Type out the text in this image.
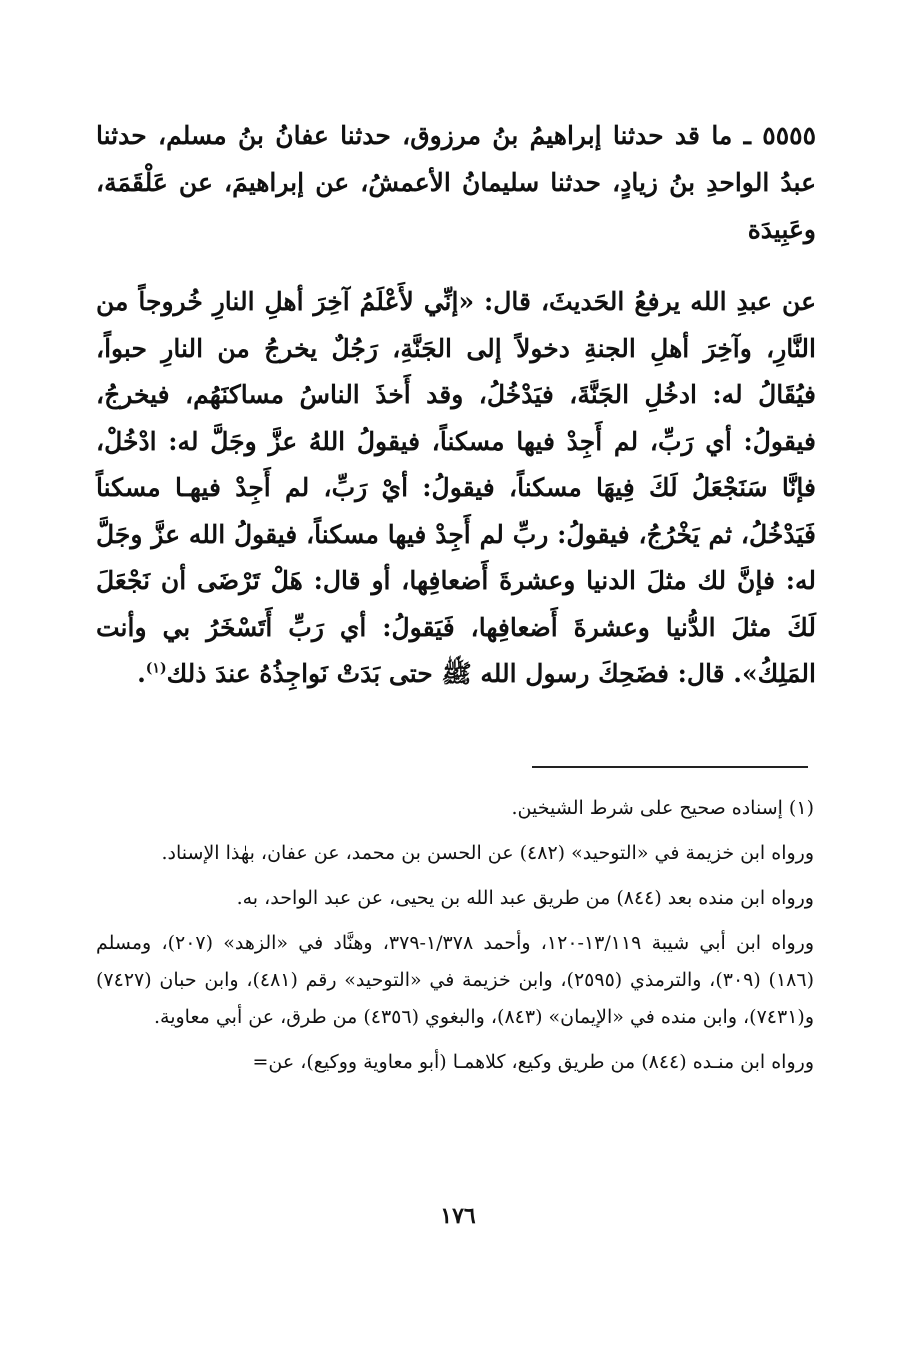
٥٥٥٥ ـ ما قد حدثنا إبراهيمُ بنُ مرزوق، حدثنا عفانُ بنُ مسلم، حدثنا عبدُ الواحدِ بنُ زيادٍ، حدثنا سليمانُ الأعمشُ، عن إبراهيمَ، عن عَلْقَمَة، وعَبِيدَة
عن عبدِ الله يرفعُ الحَديثَ، قال: «إنِّي لأَعْلَمُ آخِرَ أهلِ النارِ خُروجاً من النَّارِ، وآخِرَ أهلِ الجنةِ دخولاً إلى الجَنَّةِ، رَجُلٌ يخرجُ من النارِ حبواً، فيُقَالُ له: ادخُلِ الجَنَّةَ، فيَدْخُلُ، وقد أَخذَ الناسُ مساكنَهُم، فيخرجُ، فيقولُ: أي رَبِّ، لم أَجِدْ فيها مسكناً، فيقولُ اللهُ عزَّ وجَلَّ له: ادْخُلْ، فإنَّا سَنَجْعَلُ لَكَ فِيهَا مسكناً، فيقولُ: أيْ رَبِّ، لم أَجِدْ فيهـا مسكناً فَيَدْخُلُ، ثم يَخْرُجُ، فيقولُ: ربِّ لم أَجِدْ فيها مسكناً، فيقولُ الله عزَّ وجَلَّ له: فإنَّ لك مثلَ الدنيا وعشرةَ أَضعافِها، أو قال: هَلْ تَرْضَى أن نَجْعَلَ لَكَ مثلَ الدُّنيا وعشرةَ أَضعافِها، فَيَقولُ: أي رَبِّ أَتَسْخَرُ بي وأنت المَلِكُ». قال: فضَحِكَ رسول الله ﷺ حتى بَدَتْ نَواجِذُهُ عندَ ذلك$^{(١)}$.

(١) إسناده صحيح على شرط الشيخين.

ورواه ابن خزيمة في «التوحيد» (٤٨٢) عن الحسن بن محمد، عن عفان، بهٰذا الإسناد.

ورواه ابن منده بعد (٨٤٤) من طريق عبد الله بن يحيى، عن عبد الواحد، به.

ورواه ابن أبي شيبة ١٣/١١٩-١٢٠، وأحمد ١/٣٧٨-٣٧٩، وهنَّاد في «الزهد» (٢٠٧)، ومسلم (١٨٦) (٣٠٩)، والترمذي (٢٥٩٥)، وابن خزيمة في «التوحيد» رقم (٤٨١)، وابن حبان (٧٤٢٧) و(٧٤٣١)، وابن منده في «الإيمان» (٨٤٣)، والبغوي (٤٣٥٦) من طرق، عن أبي معاوية.

ورواه ابن منـده (٨٤٤) من طريق وكيع، كلاهمـا (أبو معاوية ووكيع)، عن=

١٧٦
